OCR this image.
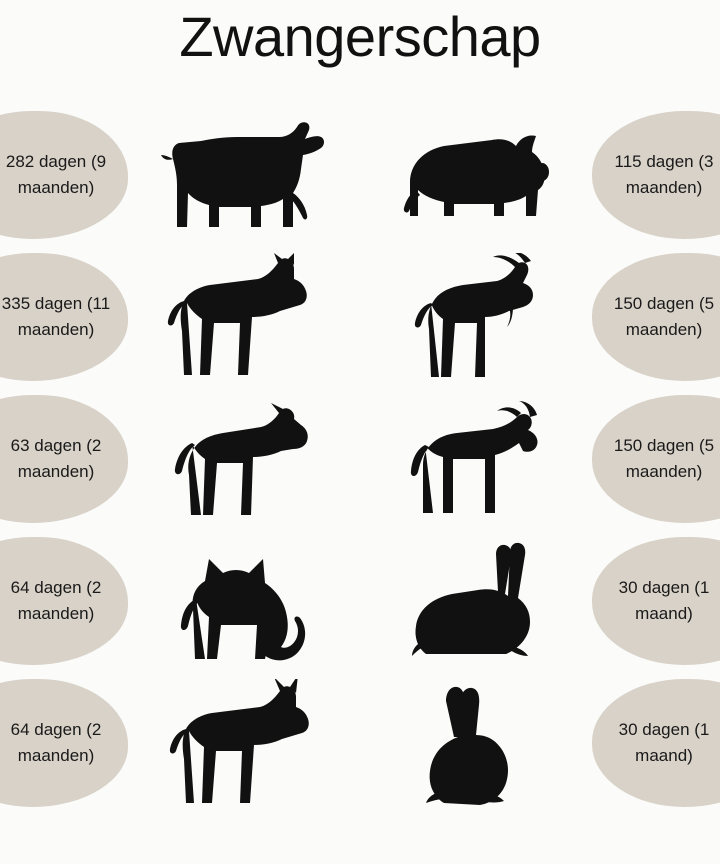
Zwangerschap
282 dagen (9 maanden)
115 dagen (3 maanden)
335 dagen (11 maanden)
150 dagen (5 maanden)
63 dagen (2 maanden)
150 dagen (5 maanden)
64 dagen (2 maanden)
30 dagen (1 maand)
64 dagen (2 maanden)
30 dagen (1 maand)
